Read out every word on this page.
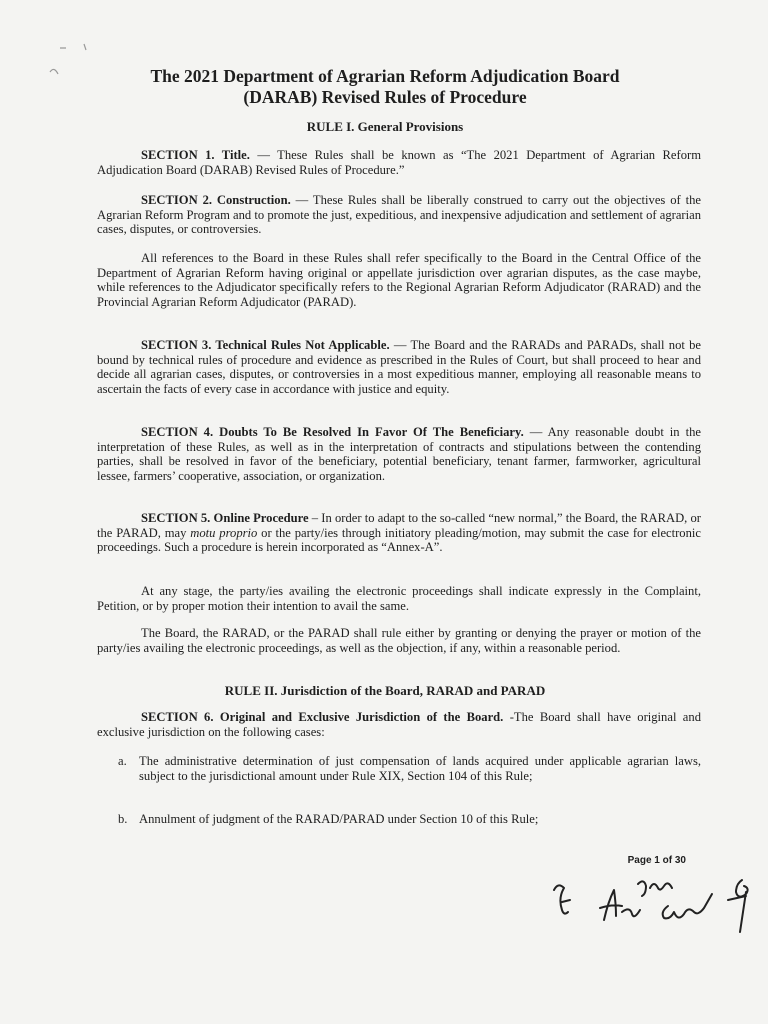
The 2021 Department of Agrarian Reform Adjudication Board
(DARAB) Revised Rules of Procedure
RULE I. General Provisions

SECTION 1. Title. — These Rules shall be known as “The 2021 Department of Agrarian Reform Adjudication Board (DARAB) Revised Rules of Procedure.”

SECTION 2. Construction. — These Rules shall be liberally construed to carry out the objectives of the Agrarian Reform Program and to promote the just, expeditious, and inexpensive adjudication and settlement of agrarian cases, disputes, or controversies.

All references to the Board in these Rules shall refer specifically to the Board in the Central Office of the Department of Agrarian Reform having original or appellate jurisdiction over agrarian disputes, as the case maybe, while references to the Adjudicator specifically refers to the Regional Agrarian Reform Adjudicator (RARAD) and the Provincial Agrarian Reform Adjudicator (PARAD).

SECTION 3. Technical Rules Not Applicable. — The Board and the RARADs and PARADs, shall not be bound by technical rules of procedure and evidence as prescribed in the Rules of Court, but shall proceed to hear and decide all agrarian cases, disputes, or controversies in a most expeditious manner, employing all reasonable means to ascertain the facts of every case in accordance with justice and equity.

SECTION 4. Doubts To Be Resolved In Favor Of The Beneficiary. — Any reasonable doubt in the interpretation of these Rules, as well as in the interpretation of contracts and stipulations between the contending parties, shall be resolved in favor of the beneficiary, potential beneficiary, tenant farmer, farmworker, agricultural lessee, farmers’ cooperative, association, or organization.

SECTION 5. Online Procedure – In order to adapt to the so-called “new normal,” the Board, the RARAD, or the PARAD, may motu proprio or the party/ies through initiatory pleading/motion, may submit the case for electronic proceedings. Such a procedure is herein incorporated as “Annex-A”.

At any stage, the party/ies availing the electronic proceedings shall indicate expressly in the Complaint, Petition, or by proper motion their intention to avail the same.

The Board, the RARAD, or the PARAD shall rule either by granting or denying the prayer or motion of the party/ies availing the electronic proceedings, as well as the objection, if any, within a reasonable period.

RULE II. Jurisdiction of the Board, RARAD and PARAD

SECTION 6. Original and Exclusive Jurisdiction of the Board. -The Board shall have original and exclusive jurisdiction on the following cases:

a. The administrative determination of just compensation of lands acquired under applicable agrarian laws, subject to the jurisdictional amount under Rule XIX, Section 104 of this Rule;
b. Annulment of judgment of the RARAD/PARAD under Section 10 of this Rule;
Page 1 of 30
